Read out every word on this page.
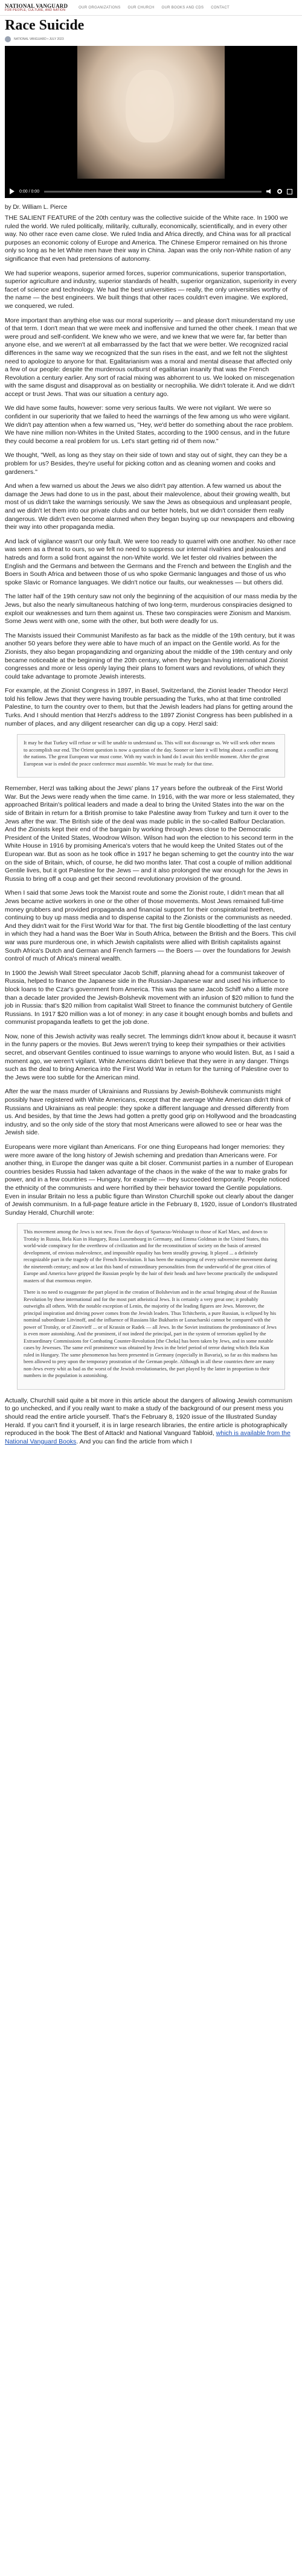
NATIONAL VANGUARD
FOR PEOPLE, CULTURE, AND NATION
OUR ORGANIZATIONS OUR CHURCH OUR BOOKS AND CDS CONTACT
Race Suicide
NATIONAL VANGUARD • JULY 2023
0:00 / 0:00
by Dr. William L. Pierce

THE SALIENT FEATURE of the 20th century was the collective suicide of the White race. In 1900 we ruled the world. We ruled politically, militarily, culturally, economically, scientifically, and in every other way. No other race even came close. We ruled India and Africa directly, and China was for all practical purposes an economic colony of Europe and America. The Chinese Emperor remained on his throne only so long as he let White men have their way in China. Japan was the only non-White nation of any significance that even had pretensions of autonomy.

We had superior weapons, superior armed forces, superior communications, superior transportation, superior agriculture and industry, superior standards of health, superior organization, superiority in every facet of science and technology. We had the best universities — really, the only universities worthy of the name — the best engineers. We built things that other races couldn't even imagine. We explored, we conquered, we ruled.

More important than anything else was our moral superiority — and please don't misunderstand my use of that term. I don't mean that we were meek and inoffensive and turned the other cheek. I mean that we were proud and self-confident. We knew who we were, and we knew that we were far, far better than anyone else, and we weren't at all embarrassed by the fact that we were better. We recognized racial differences in the same way we recognized that the sun rises in the east, and we felt not the slightest need to apologize to anyone for that. Egalitarianism was a moral and mental disease that affected only a few of our people: despite the murderous outburst of egalitarian insanity that was the French Revolution a century earlier. Any sort of racial mixing was abhorrent to us. We looked on miscegenation with the same disgust and disapproval as on bestiality or necrophilia. We didn't tolerate it. And we didn't accept or trust Jews. That was our situation a century ago.

We did have some faults, however: some very serious faults. We were not vigilant. We were so confident in our superiority that we failed to heed the warnings of the few among us who were vigilant. We didn't pay attention when a few warned us, "Hey, we'd better do something about the race problem. We have nine million non-Whites in the United States, according to the 1900 census, and in the future they could become a real problem for us. Let's start getting rid of them now."

We thought, "Well, as long as they stay on their side of town and stay out of sight, they can they be a problem for us? Besides, they're useful for picking cotton and as cleaning women and cooks and gardeners."

And when a few warned us about the Jews we also didn't pay attention. A few warned us about the damage the Jews had done to us in the past, about their malevolence, about their growing wealth, but most of us didn't take the warnings seriously. We saw the Jews as obsequious and unpleasant people, and we didn't let them into our private clubs and our better hotels, but we didn't consider them really dangerous. We didn't even become alarmed when they began buying up our newspapers and elbowing their way into other propaganda media.

And lack of vigilance wasn't our only fault. We were too ready to quarrel with one another. No other race was seen as a threat to ours, so we felt no need to suppress our internal rivalries and jealousies and hatreds and form a solid front against the non-White world. We let fester old rivalries between the English and the Germans and between the Germans and the French and between the English and the Boers in South Africa and between those of us who spoke Germanic languages and those of us who spoke Slavic or Romance languages. We didn't notice our faults, our weaknesses — but others did.

The latter half of the 19th century saw not only the beginning of the acquisition of our mass media by the Jews, but also the nearly simultaneous hatching of two long-term, murderous conspiracies designed to exploit our weaknesses and turn them against us. These two conspiracies were Zionism and Marxism. Some Jews went with one, some with the other, but both were deadly for us.

The Marxists issued their Communist Manifesto as far back as the middle of the 19th century, but it was another 50 years before they were able to have much of an impact on the Gentile world. As for the Zionists, they also began propagandizing and organizing about the middle of the 19th century and only became noticeable at the beginning of the 20th century, when they began having international Zionist congresses and more or less openly laying their plans to foment wars and revolutions, of which they could take advantage to promote Jewish interests.

For example, at the Zionist Congress in 1897, in Basel, Switzerland, the Zionist leader Theodor Herzl told his fellow Jews that they were having trouble persuading the Turks, who at that time controlled Palestine, to turn the country over to them, but that the Jewish leaders had plans for getting around the Turks. And I should mention that Herzl's address to the 1897 Zionist Congress has been published in a number of places, and any diligent researcher can dig up a copy. Herzl said:

It may be that Turkey will refuse or will be unable to understand us. This will not discourage us. We will seek other means to accomplish our end. The Orient question is now a question of the day. Sooner or later it will bring about a conflict among the nations. The great European war must come. With my watch in hand do I await this terrible moment. After the great European war is ended the peace conference must assemble. We must be ready for that time.

Remember, Herzl was talking about the Jews' plans 17 years before the outbreak of the First World War. But the Jews were ready when the time came. In 1916, with the war more or less stalemated, they approached Britain's political leaders and made a deal to bring the United States into the war on the side of Britain in return for a British promise to take Palestine away from Turkey and turn it over to the Jews after the war. The British side of the deal was made public in the so-called Balfour Declaration. And the Zionists kept their end of the bargain by working through Jews close to the Democratic President of the United States, Woodrow Wilson. Wilson had won the election to his second term in the White House in 1916 by promising America's voters that he would keep the United States out of the European war. But as soon as he took office in 1917 he began scheming to get the country into the war on the side of Britain, which, of course, he did two months later. That cost a couple of million additional Gentile lives, but it got Palestine for the Jews — and it also prolonged the war enough for the Jews in Russia to bring off a coup and get their second revolutionary provision of the ground.

When I said that some Jews took the Marxist route and some the Zionist route, I didn't mean that all Jews became active workers in one or the other of those movements. Most Jews remained full-time money grubbers and provided propaganda and financial support for their conspiratorial brethren, continuing to buy up mass media and to dispense capital to the Zionists or the communists as needed. And they didn't wait for the First World War for that. The first big Gentile bloodletting of the last century in which they had a hand was the Boer War in South Africa, between the British and the Boers. This civil war was pure murderous one, in which Jewish capitalists were allied with British capitalists against South Africa's Dutch and German and French farmers — the Boers — over the foundations for Jewish control of much of Africa's mineral wealth.

In 1900 the Jewish Wall Street speculator Jacob Schiff, planning ahead for a communist takeover of Russia, helped to finance the Japanese side in the Russian-Japanese war and used his influence to block loans to the Czar's government from America. This was the same Jacob Schiff who a little more than a decade later provided the Jewish-Bolshevik movement with an infusion of $20 million to fund the job in Russia: that's $20 million from capitalist Wall Street to finance the communist butchery of Gentile Russians. In 1917 $20 million was a lot of money: in any case it bought enough bombs and bullets and communist propaganda leaflets to get the job done.

Now, none of this Jewish activity was really secret. The lemmings didn't know about it, because it wasn't in the funny papers or the movies. But Jews weren't trying to keep their sympathies or their activities secret, and observant Gentiles continued to issue warnings to anyone who would listen. But, as I said a moment ago, we weren't vigilant. White Americans didn't believe that they were in any danger. Things such as the deal to bring America into the First World War in return for the turning of Palestine over to the Jews were too subtle for the American mind.

After the war the mass murder of Ukrainians and Russians by Jewish-Bolshevik communists might possibly have registered with White Americans, except that the average White American didn't think of Russians and Ukrainians as real people: they spoke a different language and dressed differently from us. And besides, by that time the Jews had gotten a pretty good grip on Hollywood and the broadcasting industry, and so the only side of the story that most Americans were allowed to see or hear was the Jewish side.

Europeans were more vigilant than Americans. For one thing Europeans had longer memories: they were more aware of the long history of Jewish scheming and predation than Americans were. For another thing, in Europe the danger was quite a bit closer. Communist parties in a number of European countries besides Russia had taken advantage of the chaos in the wake of the war to make grabs for power, and in a few countries — Hungary, for example — they succeeded temporarily. People noticed the ethnicity of the communists and were horrified by their behavior toward the Gentile populations. Even in insular Britain no less a public figure than Winston Churchill spoke out clearly about the danger of Jewish communism. In a full-page feature article in the February 8, 1920, issue of London's Illustrated Sunday Herald, Churchill wrote:

This movement among the Jews is not new. From the days of Spartacus-Weishaupt to those of Karl Marx, and down to Trotsky in Russia, Bela Kun in Hungary, Rosa Luxembourg in Germany, and Emma Goldman in the United States, this world-wide conspiracy for the overthrow of civilization and for the reconstitution of society on the basis of arrested development, of envious malevolence, and impossible equality has been steadily growing. It played ... a definitely recognizable part in the tragedy of the French Revolution. It has been the mainspring of every subversive movement during the nineteenth century; and now at last this band of extraordinary personalities from the underworld of the great cities of Europe and America have gripped the Russian people by the hair of their heads and have become practically the undisputed masters of that enormous empire.

There is no need to exaggerate the part played in the creation of Bolshevism and in the actual bringing about of the Russian Revolution by these international and for the most part atheistical Jews. It is certainly a very great one; it probably outweighs all others. With the notable exception of Lenin, the majority of the leading figures are Jews. Moreover, the principal inspiration and driving power comes from the Jewish leaders. Thus Tchitcherin, a pure Russian, is eclipsed by his nominal subordinate Litvinoff, and the influence of Russians like Bukharin or Lunacharski cannot be compared with the power of Trotsky, or of Zinovieff ... or of Krassin or Radek — all Jews. In the Soviet institutions the predominance of Jews is even more astonishing. And the prominent, if not indeed the principal, part in the system of terrorism applied by the Extraordinary Commissions for Combating Counter-Revolution [the Cheka] has been taken by Jews, and in some notable cases by Jewesses. The same evil prominence was obtained by Jews in the brief period of terror during which Bela Kun ruled in Hungary. The same phenomenon has been presented in Germany (especially in Bavaria), so far as this madness has been allowed to prey upon the temporary prostration of the German people. Although in all these countries there are many non-Jews every whit as bad as the worst of the Jewish revolutionaries, the part played by the latter in proportion to their numbers in the population is astonishing.

Actually, Churchill said quite a bit more in this article about the dangers of allowing Jewish communism to go unchecked, and if you really want to make a study of the background of our present mess you should read the entire article yourself. That's the February 8, 1920 issue of the Illustrated Sunday Herald. If you can't find it yourself, it is in large research libraries, the entire article is photographically reproduced in the book The Best of Attack! and National Vanguard Tabloid, which is available from the National Vanguard Books. And you can find the article from which I
